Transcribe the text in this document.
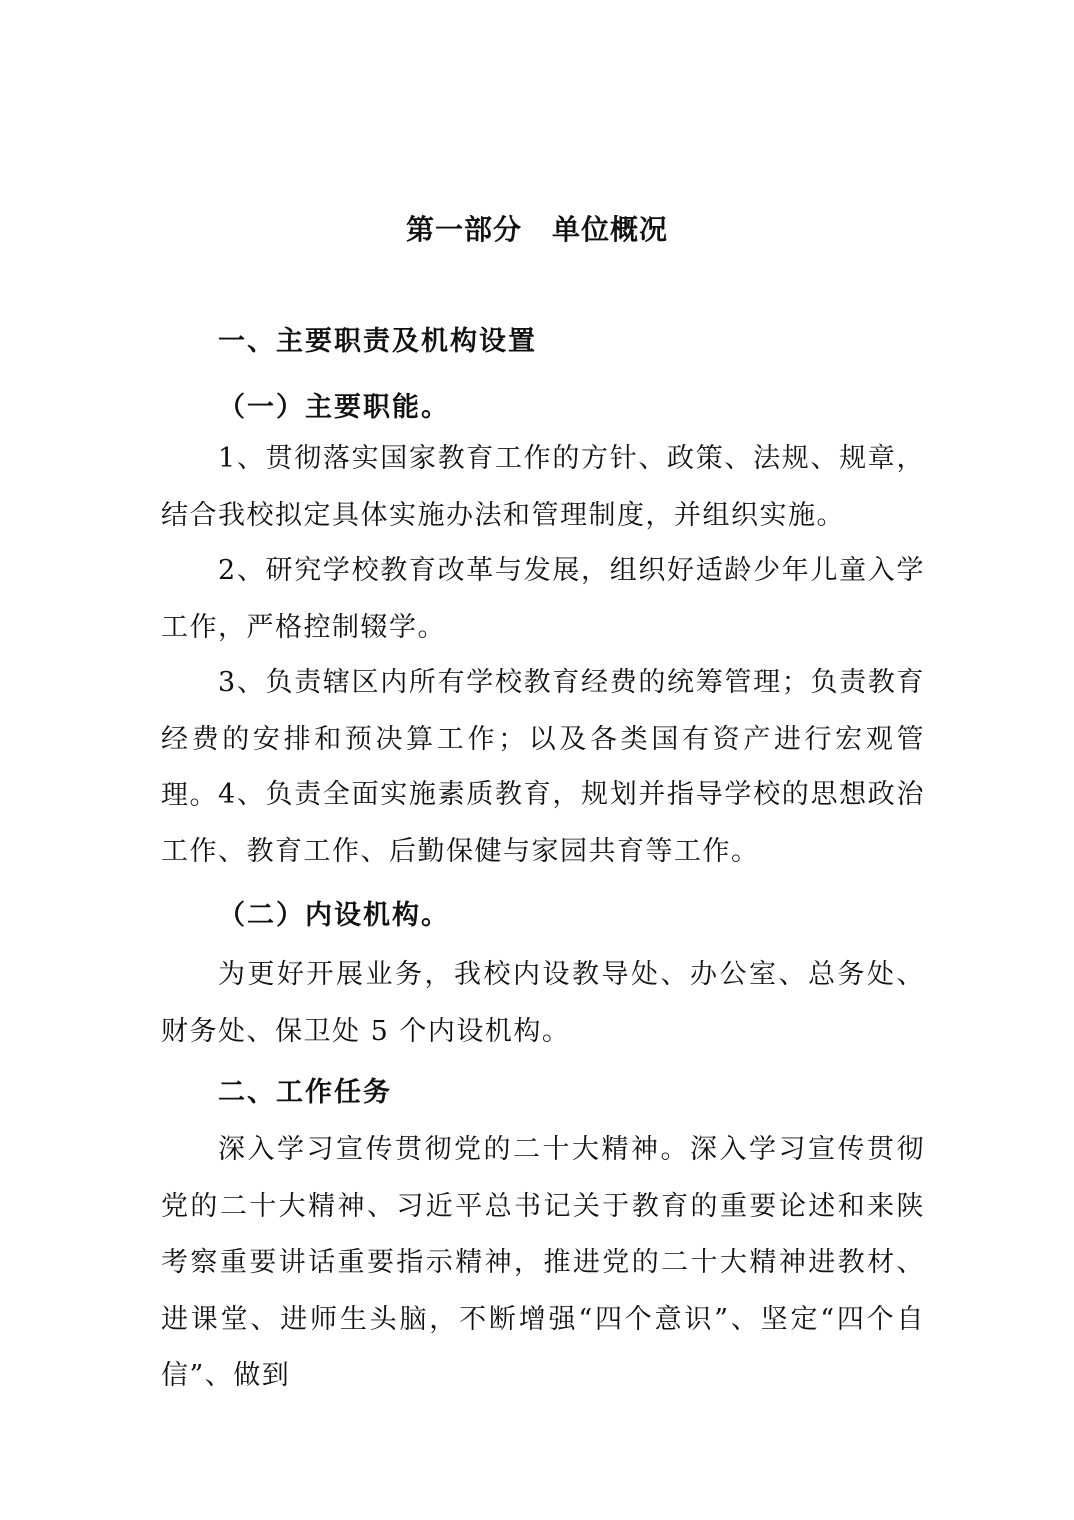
第一部分 单位概况
一、主要职责及机构设置
（一）主要职能。

1、贯彻落实国家教育工作的方针、政策、法规、规章，结合我校拟定具体实施办法和管理制度，并组织实施。

2、研究学校教育改革与发展，组织好适龄少年儿童入学工作，严格控制辍学。

3、负责辖区内所有学校教育经费的统筹管理；负责教育经费的安排和预决算工作；以及各类国有资产进行宏观管理。 4、负责全面实施素质教育，规划并指导学校的思想政治工作、教育工作、后勤保健与家园共育等工作。

（二）内设机构。

为更好开展业务，我校内设教导处、办公室、总务处、财务处、保卫处 5 个内设机构。

二、工作任务

深入学习宣传贯彻党的二十大精神。深入学习宣传贯彻党的二十大精神、习近平总书记关于教育的重要论述和来陕考察重要讲话重要指示精神，推进党的二十大精神进教材、进课堂、进师生头脑，不断增强“四个意识”、坚定“四个自信”、做到
